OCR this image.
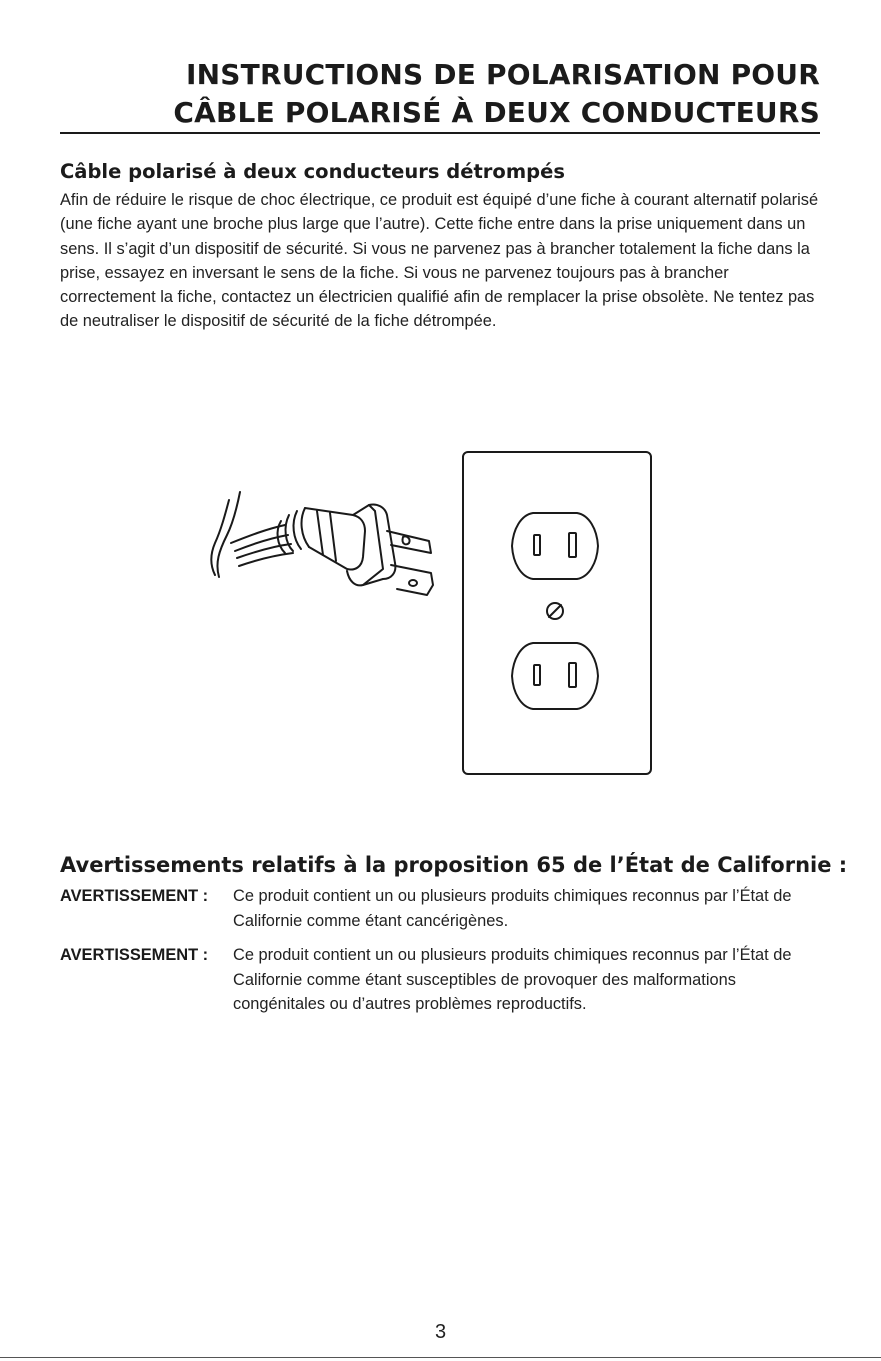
INSTRUCTIONS DE POLARISATION POUR
CÂBLE POLARISÉ À DEUX CONDUCTEURS
Câble polarisé à deux conducteurs détrompés

Afin de réduire le risque de choc électrique, ce produit est équipé d’une fiche à courant alternatif polarisé (une fiche ayant une broche plus large que l’autre). Cette fiche entre dans la prise uniquement dans un sens. Il s’agit d’un dispositif de sécurité. Si vous ne parvenez pas à brancher totalement la fiche dans la prise, essayez en inversant le sens de la fiche. Si vous ne parvenez toujours pas à brancher correctement la fiche, contactez un électricien qualifié afin de remplacer la prise obsolète. Ne tentez pas de neutraliser le dispositif de sécurité de la fiche détrompée.

Avertissements relatifs à la proposition 65 de l’État de Californie :
AVERTISSEMENT :	Ce produit contient un ou plusieurs produits chimiques reconnus par l’État de Californie comme étant cancérigènes.
AVERTISSEMENT :	Ce produit contient un ou plusieurs produits chimiques reconnus par l’État de Californie comme étant susceptibles de provoquer des malformations congénitales ou d’autres problèmes reproductifs.
3
